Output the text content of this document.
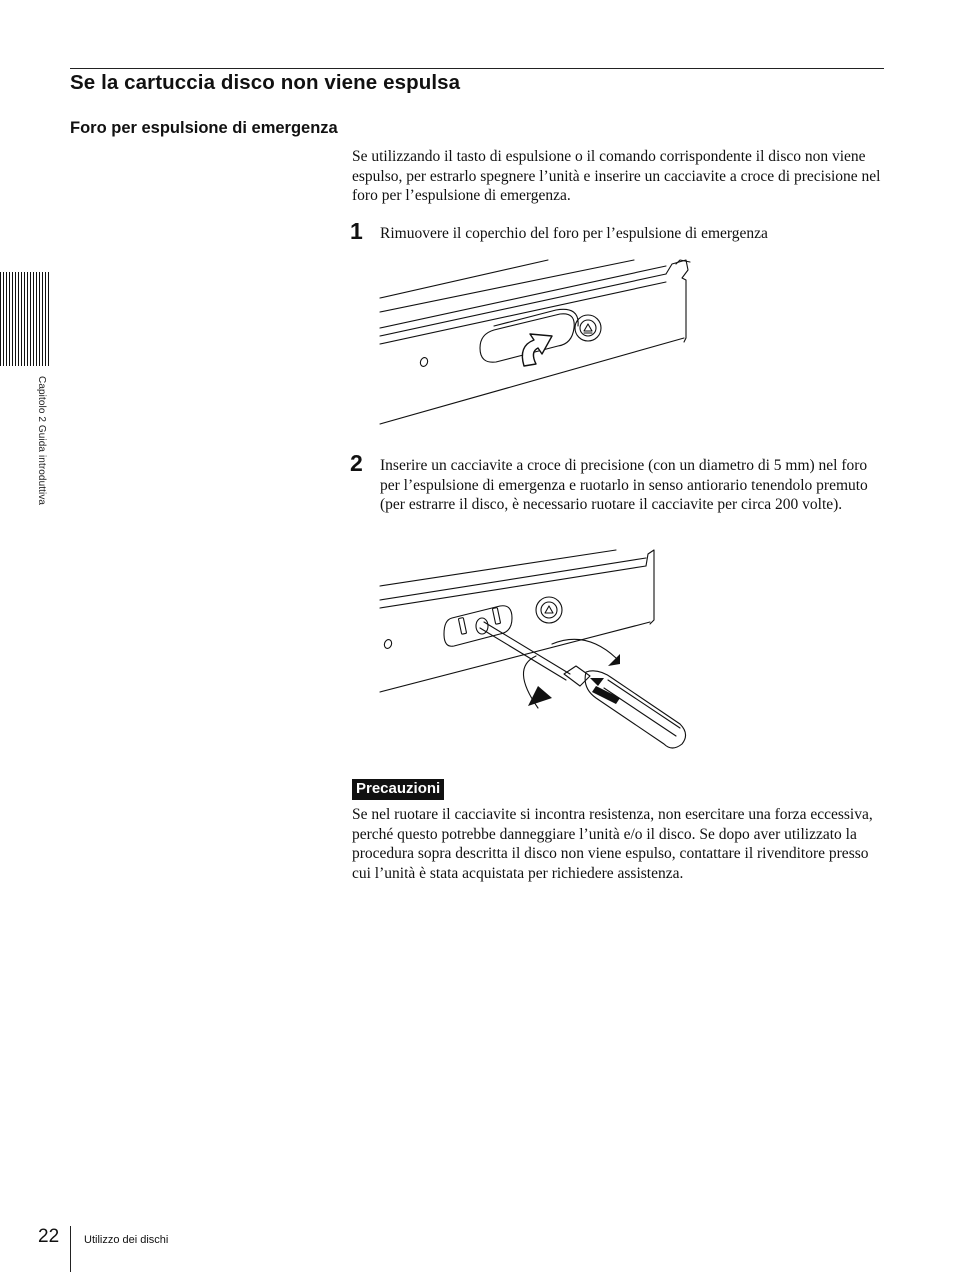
Se la cartuccia disco non viene espulsa
Foro per espulsione di emergenza
Se utilizzando il tasto di espulsione o il comando corrispondente il disco non viene espulso, per estrarlo spegnere l’unità e inserire un cacciavite a croce di precisione nel foro per l’espulsione di emergenza.
1 Rimuovere il coperchio del foro per l’espulsione di emergenza
2 Inserire un cacciavite a croce di precisione (con un diametro di 5 mm) nel foro per l’espulsione di emergenza e ruotarlo in senso antiorario tenendolo premuto (per estrarre il disco, è necessario ruotare il cacciavite per circa 200 volte).
Precauzioni
Se nel ruotare il cacciavite si incontra resistenza, non esercitare una forza eccessiva, perché questo potrebbe danneggiare l’unità e/o il disco. Se dopo aver utilizzato la procedura sopra descritta il disco non viene espulso, contattare il rivenditore presso cui l’unità è stata acquistata per richiedere assistenza.
Capitolo 2 Guida introduttiva
22 Utilizzo dei dischi
